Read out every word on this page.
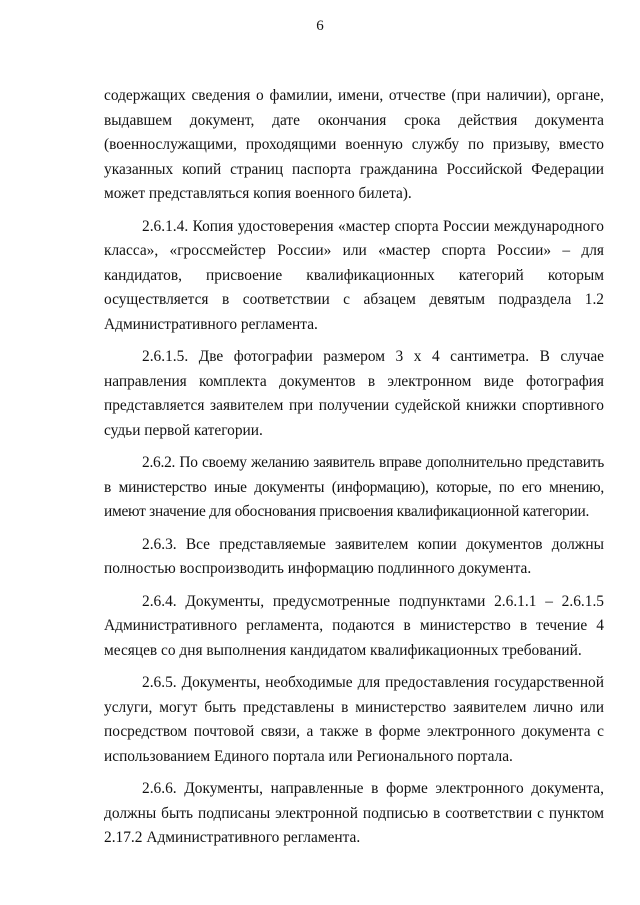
6

содержащих сведения о фамилии, имени, отчестве (при наличии), органе, выдавшем документ, дате окончания срока действия документа (военнослужащими, проходящими военную службу по призыву, вместо указанных копий страниц паспорта гражданина Российской Федерации может представляться копия военного билета).

2.6.1.4. Копия удостоверения «мастер спорта России международного класса», «гроссмейстер России» или «мастер спорта России» – для кандидатов, присвоение квалификационных категорий которым осуществляется в соответствии с абзацем девятым подраздела 1.2 Административного регламента.

2.6.1.5. Две фотографии размером 3 x 4 сантиметра. В случае направления комплекта документов в электронном виде фотография представляется заявителем при получении судейской книжки спортивного судьи первой категории.

2.6.2. По своему желанию заявитель вправе дополнительно представить в министерство иные документы (информацию), которые, по его мнению, имеют значение для обоснования присвоения квалификационной категории.

2.6.3. Все представляемые заявителем копии документов должны полностью воспроизводить информацию подлинного документа.

2.6.4. Документы, предусмотренные подпунктами 2.6.1.1 – 2.6.1.5 Административного регламента, подаются в министерство в течение 4 месяцев со дня выполнения кандидатом квалификационных требований.

2.6.5. Документы, необходимые для предоставления государственной услуги, могут быть представлены в министерство заявителем лично или посредством почтовой связи, а также в форме электронного документа с использованием Единого портала или Регионального портала.

2.6.6. Документы, направленные в форме электронного документа, должны быть подписаны электронной подписью в соответствии с пунктом 2.17.2 Административного регламента.
